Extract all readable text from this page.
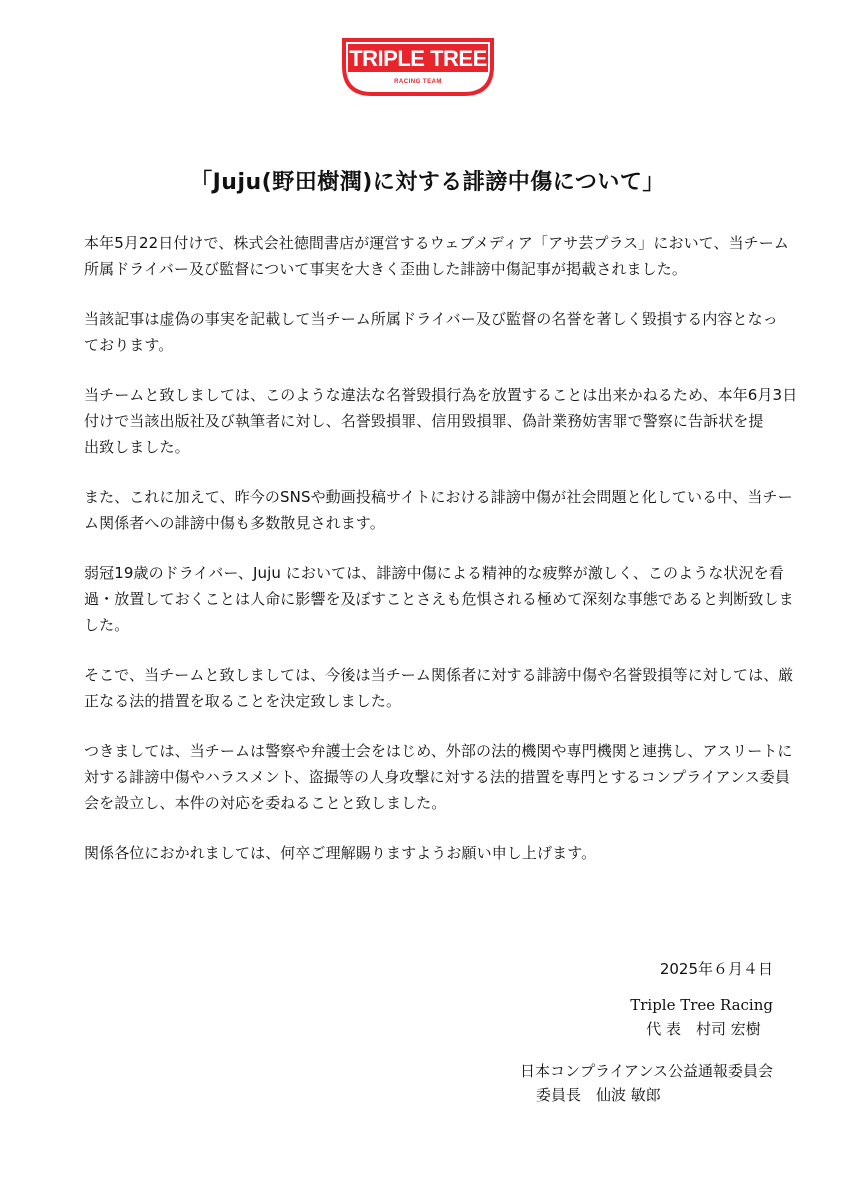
TRIPLE TREE
RACING TEAM
「Juju(野田樹潤)に対する誹謗中傷について」

本年5月22日付けで、株式会社徳間書店が運営するウェブメディア「アサ芸プラス」において、当チーム
所属ドライバー及び監督について事実を大きく歪曲した誹謗中傷記事が掲載されました。

当該記事は虚偽の事実を記載して当チーム所属ドライバー及び監督の名誉を著しく毀損する内容となっ
ております。

当チームと致しましては、このような違法な名誉毀損行為を放置することは出来かねるため、本年6月3日
付けで当該出版社及び執筆者に対し、名誉毀損罪、信用毀損罪、偽計業務妨害罪で警察に告訴状を提
出致しました。

また、これに加えて、昨今のSNSや動画投稿サイトにおける誹謗中傷が社会問題と化している中、当チー
ム関係者への誹謗中傷も多数散見されます。

弱冠19歳のドライバー、Juju においては、誹謗中傷による精神的な疲弊が激しく、このような状況を看
過・放置しておくことは人命に影響を及ぼすことさえも危惧される極めて深刻な事態であると判断致しま
した。

そこで、当チームと致しましては、今後は当チーム関係者に対する誹謗中傷や名誉毀損等に対しては、厳
正なる法的措置を取ることを決定致しました。

つきましては、当チームは警察や弁護士会をはじめ、外部の法的機関や専門機関と連携し、アスリートに
対する誹謗中傷やハラスメント、盗撮等の人身攻撃に対する法的措置を専門とするコンプライアンス委員
会を設立し、本件の対応を委ねることと致しました。

関係各位におかれましては、何卒ご理解賜りますようお願い申し上げます。

2025年６月４日
Triple Tree Racing
代 表　村司 宏樹
日本コンプライアンス公益通報委員会
委員長　仙波 敏郎
